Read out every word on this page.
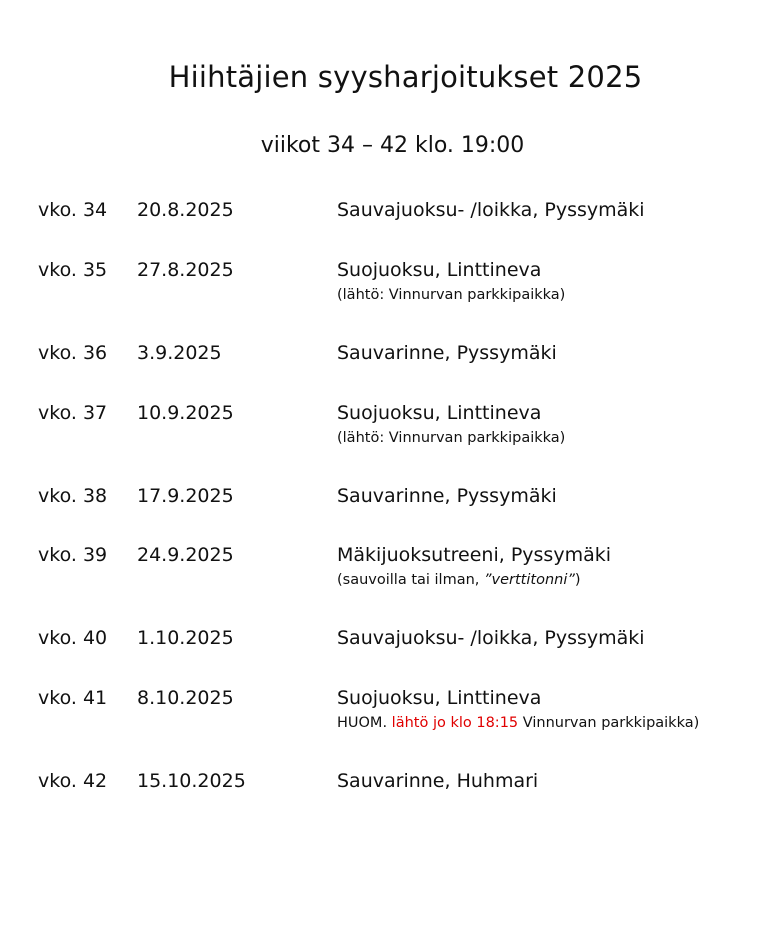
Hiihtäjien syysharjoitukset 2025
viikot 34 – 42 klo. 19:00
vko. 34 20.8.2025	Sauvajuoksu- /loikka, Pyssymäki
vko. 35 27.8.2025	Suojuoksu, Linttineva
(lähtö: Vinnurvan parkkipaikka)
vko. 36 3.9.2025	Sauvarinne, Pyssymäki
vko. 37 10.9.2025	Suojuoksu, Linttineva
(lähtö: Vinnurvan parkkipaikka)
vko. 38 17.9.2025	Sauvarinne, Pyssymäki
vko. 39 24.9.2025	Mäkijuoksutreeni, Pyssymäki
(sauvoilla tai ilman, ”verttitonni”)
vko. 40 1.10.2025	Sauvajuoksu- /loikka, Pyssymäki
vko. 41 8.10.2025	Suojuoksu, Linttineva
HUOM. lähtö jo klo 18:15 Vinnurvan parkkipaikka)
vko. 42 15.10.2025	Sauvarinne, Huhmari
